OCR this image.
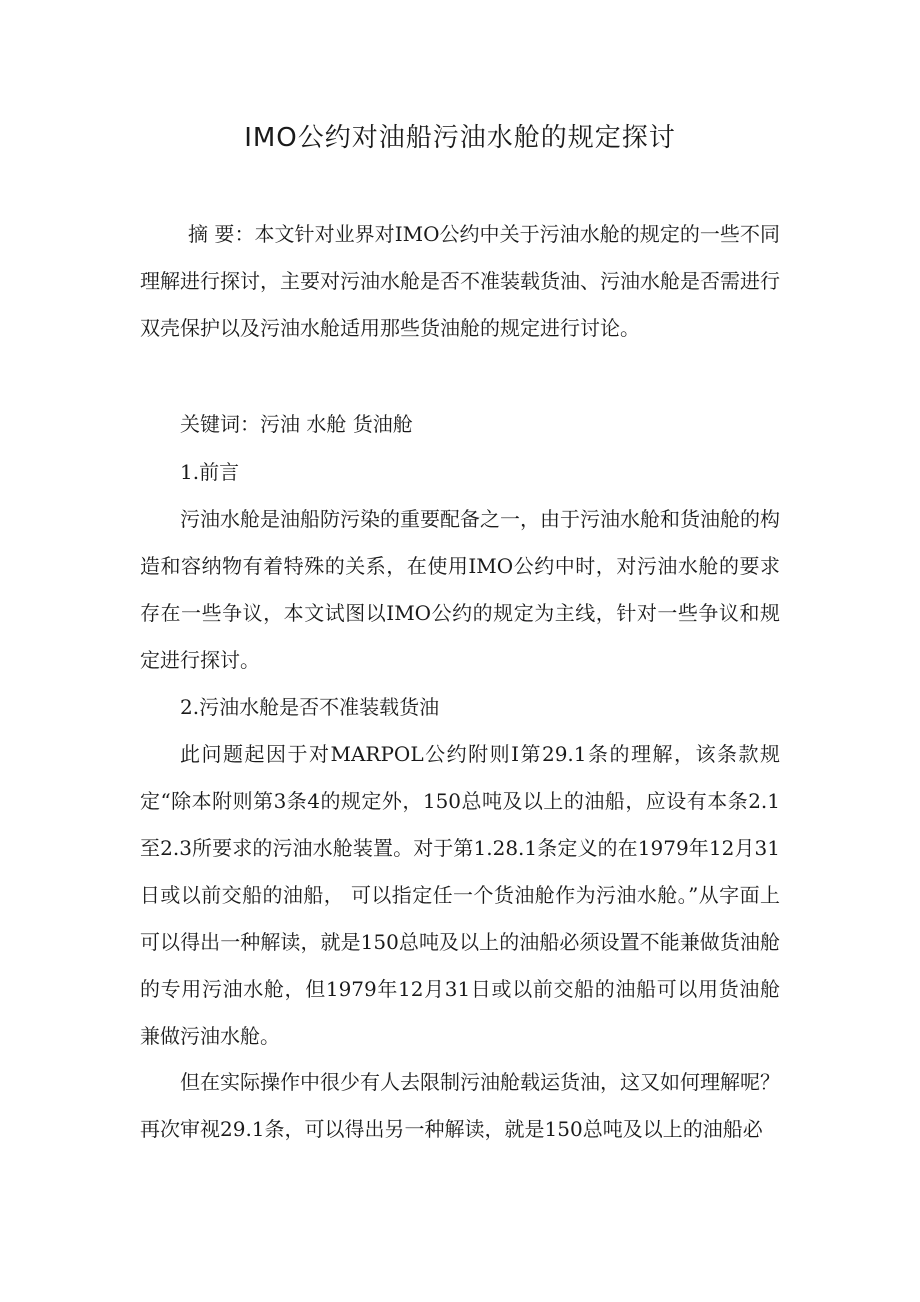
IMO公约对油船污油水舱的规定探讨

摘 要：本文针对业界对IMO公约中关于污油水舱的规定的一些不同理解进行探讨，主要对污油水舱是否不准装载货油、污油水舱是否需进行双壳保护以及污油水舱适用那些货油舱的规定进行讨论。

关键词：污油 水舱 货油舱

1.前言

污油水舱是油船防污染的重要配备之一，由于污油水舱和货油舱的构造和容纳物有着特殊的关系，在使用IMO公约中时，对污油水舱的要求存在一些争议，本文试图以IMO公约的规定为主线，针对一些争议和规定进行探讨。

2.污油水舱是否不准装载货油

此问题起因于对MARPOL公约附则I第29.1条的理解，该条款规定“除本附则第3条4的规定外，150总吨及以上的油船，应设有本条2.1至2.3所要求的污油水舱装置。对于第1.28.1条定义的在1979年12月31日或以前交船的油船， 可以指定任一个货油舱作为污油水舱。”从字面上可以得出一种解读，就是150总吨及以上的油船必须设置不能兼做货油舱的专用污油水舱，但1979年12月31日或以前交船的油船可以用货油舱兼做污油水舱。

但在实际操作中很少有人去限制污油舱载运货油，这又如何理解呢？再次审视29.1条，可以得出另一种解读，就是150总吨及以上的油船必
